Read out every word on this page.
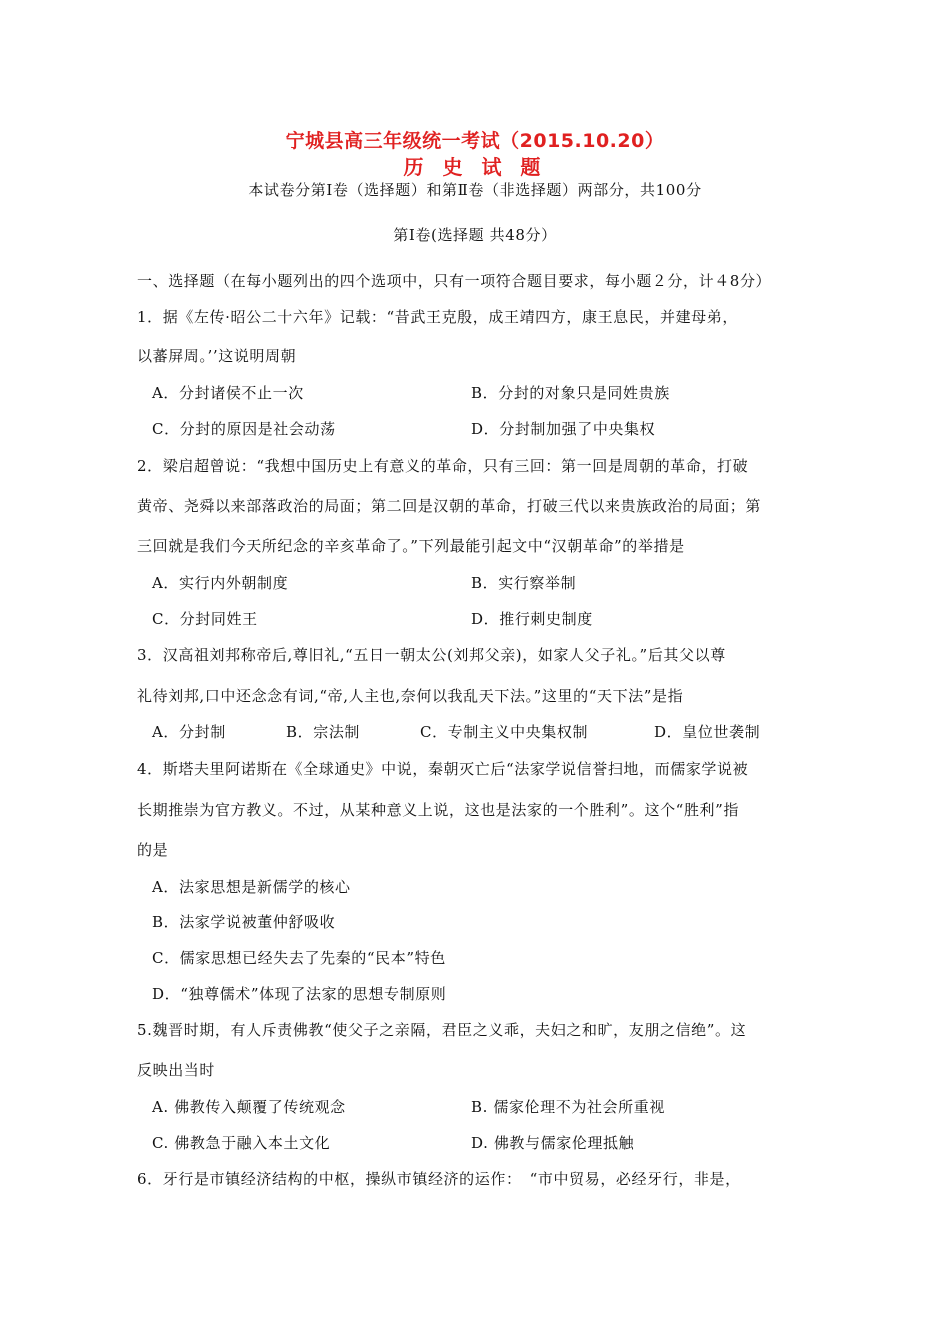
宁城县高三年级统一考试（2015.10.20）
历 史 试 题
本试卷分第Ⅰ卷（选择题）和第Ⅱ卷（非选择题）两部分，共100分
第Ⅰ卷(选择题 共48分）
一、选择题（在每小题列出的四个选项中，只有一项符合题目要求，每小题２分，计４8分）
1．据《左传·昭公二十六年》记载：“昔武王克殷，成王靖四方，康王息民，并建母弟，
以蕃屏周。’’这说明周朝
A．分封诸侯不止一次	B．分封的对象只是同姓贵族
C．分封的原因是社会动荡	D．分封制加强了中央集权
2．梁启超曾说：“我想中国历史上有意义的革命，只有三回：第一回是周朝的革命，打破
黄帝、尧舜以来部落政治的局面；第二回是汉朝的革命，打破三代以来贵族政治的局面；第
三回就是我们今天所纪念的辛亥革命了。”下列最能引起文中“汉朝革命”的举措是
A．实行内外朝制度	B．实行察举制
C．分封同姓王	D．推行刺史制度
3．汉高祖刘邦称帝后,尊旧礼,“五日一朝太公(刘邦父亲)，如家人父子礼。”后其父以尊
礼待刘邦,口中还念念有词,“帝,人主也,奈何以我乱天下法。”这里的“天下法”是指
A．分封制	B．宗法制	C．专制主义中央集权制	D．皇位世袭制
4．斯塔夫里阿诺斯在《全球通史》中说，秦朝灭亡后“法家学说信誉扫地，而儒家学说被
长期推崇为官方教义。不过，从某种意义上说，这也是法家的一个胜利”。这个“胜利”指
的是
A．法家思想是新儒学的核心
B．法家学说被董仲舒吸收
C．儒家思想已经失去了先秦的“民本”特色
D．“独尊儒术”体现了法家的思想专制原则
5.魏晋时期，有人斥责佛教“使父子之亲隔，君臣之义乖，夫妇之和旷，友朋之信绝”。这
反映出当时
A. 佛教传入颠覆了传统观念	B. 儒家伦理不为社会所重视
C. 佛教急于融入本土文化	D. 佛教与儒家伦理抵触
6．牙行是市镇经济结构的中枢，操纵市镇经济的运作：　“市中贸易，必经牙行，非是，
